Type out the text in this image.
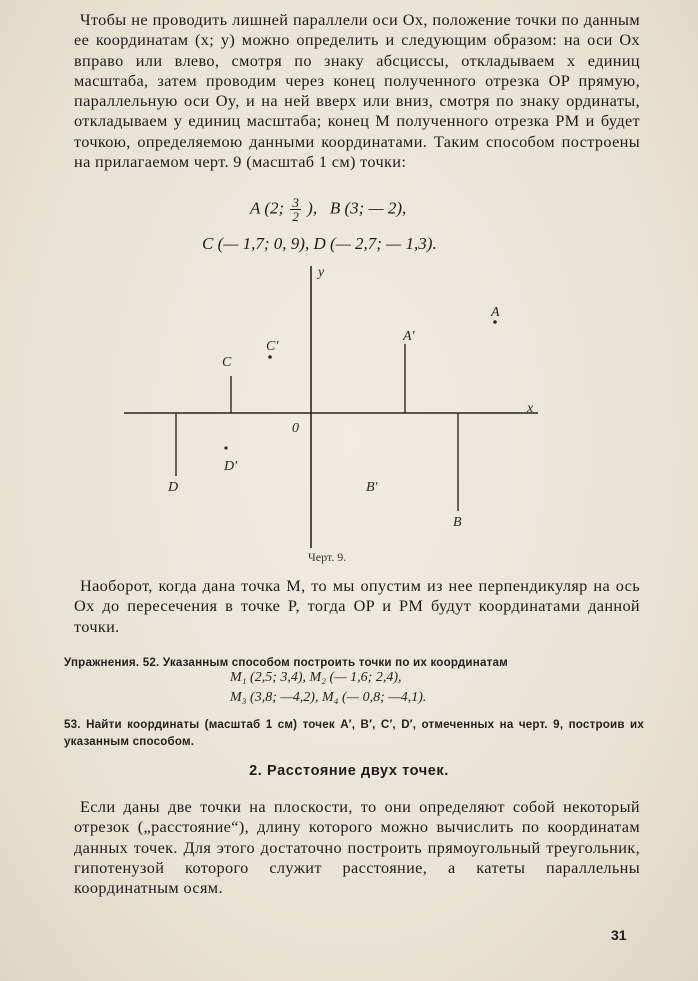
Чтобы не проводить лишней параллели оси Ox, положение точки по данным ее координатам (x; y) можно определить и следующим образом: на оси Ox вправо или влево, смотря по знаку абсциссы, откладываем x единиц масштаба, затем проводим через конец полученного отрезка OP прямую, параллельную оси Oy, и на ней вверх или вниз, смотря по знаку ординаты, откладываем y единиц масштаба; конец M полученного отрезка PM и будет точкою, определяемою данными координатами. Таким способом построены на прилагаемом черт. 9 (масштаб 1 см) точки:

A (2; $\frac{3}{2}$ ), B (3; — 2),
C (— 1,7; 0, 9), D (— 2,7; — 1,3).
y
x
0
A
A′
B
B′
C
C′
D
D′
Черт. 9.

Наоборот, когда дана точка M, то мы опустим из нее перпендикуляр на ось Ox до пересечения в точке P, тогда OP и PM будут координатами данной точки.

Упражнения. 52. Указанным способом построить точки по их координатам

M₁ (2,5; 3,4), M₂ (— 1,6; 2,4),
M₃ (3,8; —4,2), M₄ (— 0,8; —4,1).

53. Найти координаты (масштаб 1 см) точек A′, B′, C′, D′, отмеченных на черт. 9, построив их указанным способом.

2. Расстояние двух точек.

Если даны две точки на плоскости, то они определяют собой некоторый отрезок („расстояние“), длину которого можно вычислить по координатам данных точек. Для этого достаточно построить прямоугольный треугольник, гипотенузой которого служит расстояние, а катеты параллельны координатным осям.

31
